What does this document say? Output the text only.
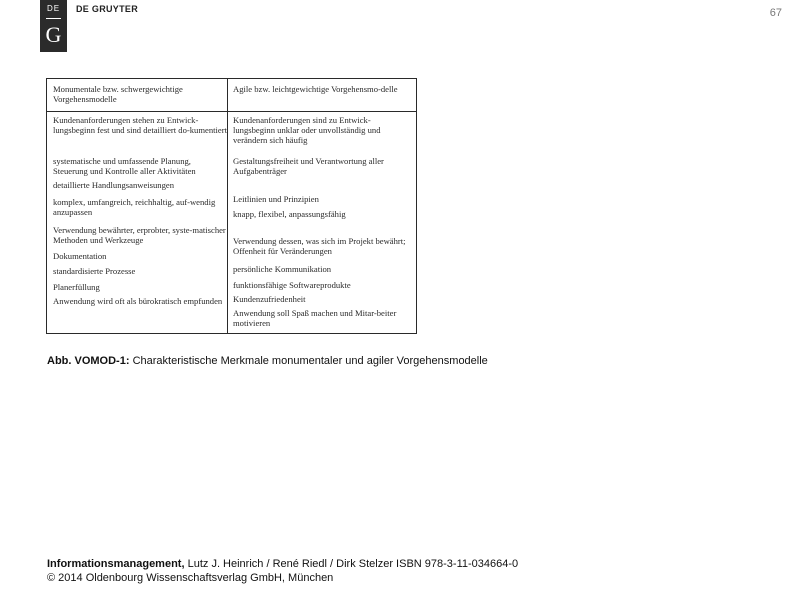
DE
G
DE GRUYTER	67
Monumentale bzw. schwergewichtige Vorgehensmodelle
Agile bzw. leichtgewichtige Vorgehensmo-delle
Kundenanforderungen stehen zu Entwick-lungsbeginn fest und sind detailliert do-kumentiert
systematische und umfassende Planung, Steuerung und Kontrolle aller Aktivitäten
detaillierte Handlungsanweisungen
komplex, umfangreich, reichhaltig, auf-wendig anzupassen
Verwendung bewährter, erprobter, syste-matischer Methoden und Werkzeuge
Dokumentation
standardisierte Prozesse
Planerfüllung
Anwendung wird oft als bürokratisch empfunden
Kundenanforderungen sind zu Entwick-lungsbeginn unklar oder unvollständig und verändern sich häufig
Gestaltungsfreiheit und Verantwortung aller Aufgabenträger
Leitlinien und Prinzipien
knapp, flexibel, anpassungsfähig
Verwendung dessen, was sich im Projekt bewährt; Offenheit für Veränderungen
persönliche Kommunikation
funktionsfähige Softwareprodukte
Kundenzufriedenheit
Anwendung soll Spaß machen und Mitar-beiter motivieren
Abb. VOMOD-1: Charakteristische Merkmale monumentaler und agiler Vorgehensmodelle
Informationsmanagement, Lutz J. Heinrich / René Riedl / Dirk Stelzer ISBN 978-3-11-034664-0
© 2014 Oldenbourg Wissenschaftsverlag GmbH, München
